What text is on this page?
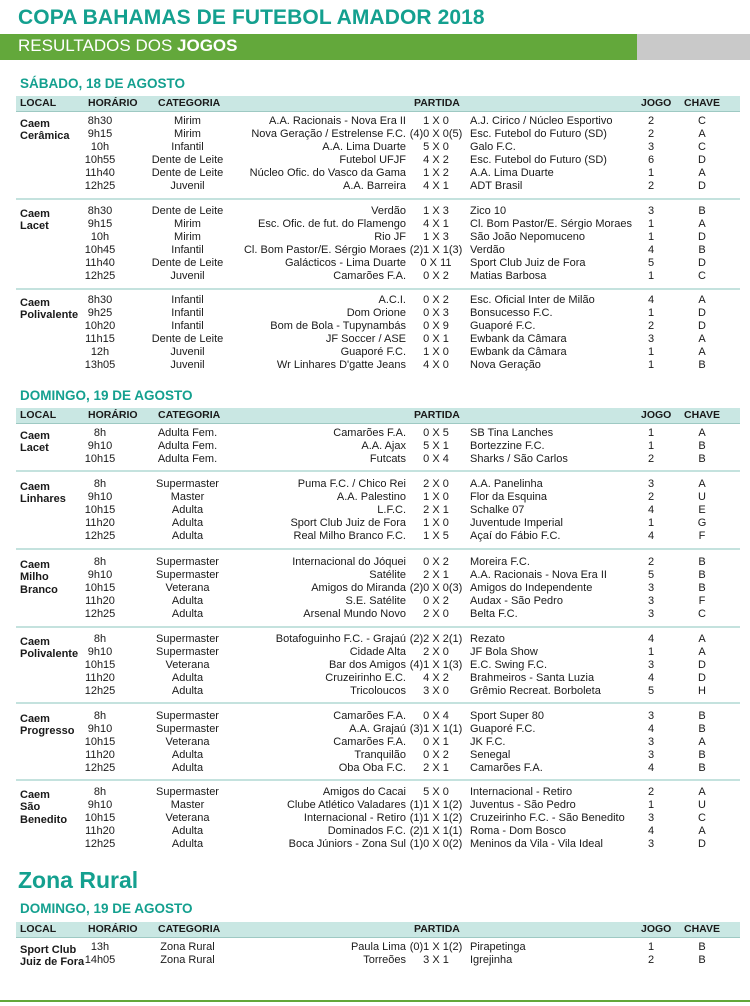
COPA BAHAMAS DE FUTEBOL AMADOR 2018
RESULTADOS DOS JOGOS
Zona Rural
SÁBADO, 18 DE AGOSTO
LOCAL	HORÁRIO CATEGORIA	PARTIDA	JOGO CHAVE
Caem
Cerâmica
8h30	Mirim	A.A. Racionais - Nova Era II	1 X 0	A.J. Cirico / Núcleo Esportivo	2	C
9h15	Mirim	Nova Geração / Estrelense F.C. (4)0 X 0(5) Esc. Futebol do Futuro (SD)	2	A
10h	Infantil	A.A. Lima Duarte	5 X 0	Galo F.C.	3	C
10h55	Dente de Leite	Futebol UFJF	4 X 2	Esc. Futebol do Futuro (SD)	6	D
11h40	Dente de Leite	Núcleo Ofic. do Vasco da Gama	1 X 2	A.A. Lima Duarte	1	A
12h25	Juvenil	A.A. Barreira	4 X 1	ADT Brasil	2	D
Caem
Lacet
8h30	Dente de Leite	Verdão	1 X 3	Zico 10	3	B
9h15	Mirim	Esc. Ofic. de fut. do Flamengo	4 X 1	Cl. Bom Pastor/E. Sérgio Moraes	1	A
10h	Mirim	Rio JF	1 X 3	São João Nepomuceno	1	D
10h45	Infantil	Cl. Bom Pastor/E. Sérgio Moraes (2)1 X 1(3) Verdão	4	B
11h40	Dente de Leite	Galácticos - Lima Duarte	0 X 11	Sport Club Juiz de Fora	5	D
12h25	Juvenil	Camarões F.A.	0 X 2	Matias Barbosa	1	C
Caem
Polivalente
8h30	Infantil	A.C.I.	0 X 2	Esc. Oficial Inter de Milão	4	A
9h25	Infantil	Dom Orione	0 X 3	Bonsucesso F.C.	1	D
10h20	Infantil	Bom de Bola - Tupynambás	0 X 9	Guaporé F.C.	2	D
11h15	Dente de Leite	JF Soccer / ASE	0 X 1	Ewbank da Câmara	3	A
12h	Juvenil	Guaporé F.C.	1 X 0	Ewbank da Câmara	1	A
13h05	Juvenil	Wr Linhares D'gatte Jeans	4 X 0	Nova Geração	1	B
DOMINGO, 19 DE AGOSTO
LOCAL	HORÁRIO CATEGORIA	PARTIDA	JOGO CHAVE
Caem
Lacet
8h	Adulta Fem.	Camarões F.A.	0 X 5	SB Tina Lanches	1	A
9h10	Adulta Fem.	A.A. Ajax	5 X 1	Bortezzine F.C.	1	B
10h15	Adulta Fem.	Futcats	0 X 4	Sharks / São Carlos	2	B
Caem
Linhares
8h	Supermaster	Puma F.C. / Chico Rei	2 X 0	A.A. Panelinha	3	A
9h10	Master	A.A. Palestino	1 X 0	Flor da Esquina	2	U
10h15	Adulta	L.F.C.	2 X 1	Schalke 07	4	E
11h20	Adulta	Sport Club Juiz de Fora	1 X 0	Juventude Imperial	1	G
12h25	Adulta	Real Milho Branco F.C.	1 X 5	Açaí do Fábio F.C.	4	F
Caem
Milho
Branco
8h	Supermaster	Internacional do Jóquei	0 X 2	Moreira F.C.	2	B
9h10	Supermaster	Satélite	2 X 1	A.A. Racionais - Nova Era II	5	B
10h15	Veterana	Amigos do Miranda (2)0 X 0(3) Amigos do Independente	3	B
11h20	Adulta	S.E. Satélite	0 X 2	Audax - São Pedro	3	F
12h25	Adulta	Arsenal Mundo Novo	2 X 0	Belta F.C.	3	C
Caem
Polivalente
8h	Supermaster	Botafoguinho F.C. - Grajaú (2)2 X 2(1) Rezato	4	A
9h10	Supermaster	Cidade Alta	2 X 0	JF Bola Show	1	A
10h15	Veterana	Bar dos Amigos (4)1 X 1(3) E.C. Swing F.C.	3	D
11h20	Adulta	Cruzeirinho E.C.	4 X 2	Brahmeiros - Santa Luzia	4	D
12h25	Adulta	Tricoloucos	3 X 0	Grêmio Recreat. Borboleta	5	H
Caem
Progresso
8h	Supermaster	Camarões F.A.	0 X 4	Sport Super 80	3	B
9h10	Supermaster	A.A. Grajaú (3)1 X 1(1) Guaporé F.C.	4	B
10h15	Veterana	Camarões F.A.	0 X 1	JK F.C.	3	A
11h20	Adulta	Tranquilão	0 X 2	Senegal	3	B
12h25	Adulta	Oba Oba F.C.	2 X 1	Camarões F.A.	4	B
Caem
São
Benedito
8h	Supermaster	Amigos do Cacai	5 X 0	Internacional - Retiro	2	A
9h10	Master	Clube Atlético Valadares (1)1 X 1(2) Juventus - São Pedro	1	U
10h15	Veterana	Internacional - Retiro (1)1 X 1(2) Cruzeirinho F.C. - São Benedito	3	C
11h20	Adulta	Dominados F.C. (2)1 X 1(1) Roma - Dom Bosco	4	A
12h25	Adulta	Boca Júniors - Zona Sul (1)0 X 0(2) Meninos da Vila - Vila Ideal	3	D
DOMINGO, 19 DE AGOSTO
LOCAL	HORÁRIO CATEGORIA	PARTIDA	JOGO CHAVE
Sport Club
Juiz de Fora
13h	Zona Rural	Paula Lima (0)1 X 1(2) Pirapetinga	1	B
14h05	Zona Rural	Torreões	3 X 1	Igrejinha	2	B
